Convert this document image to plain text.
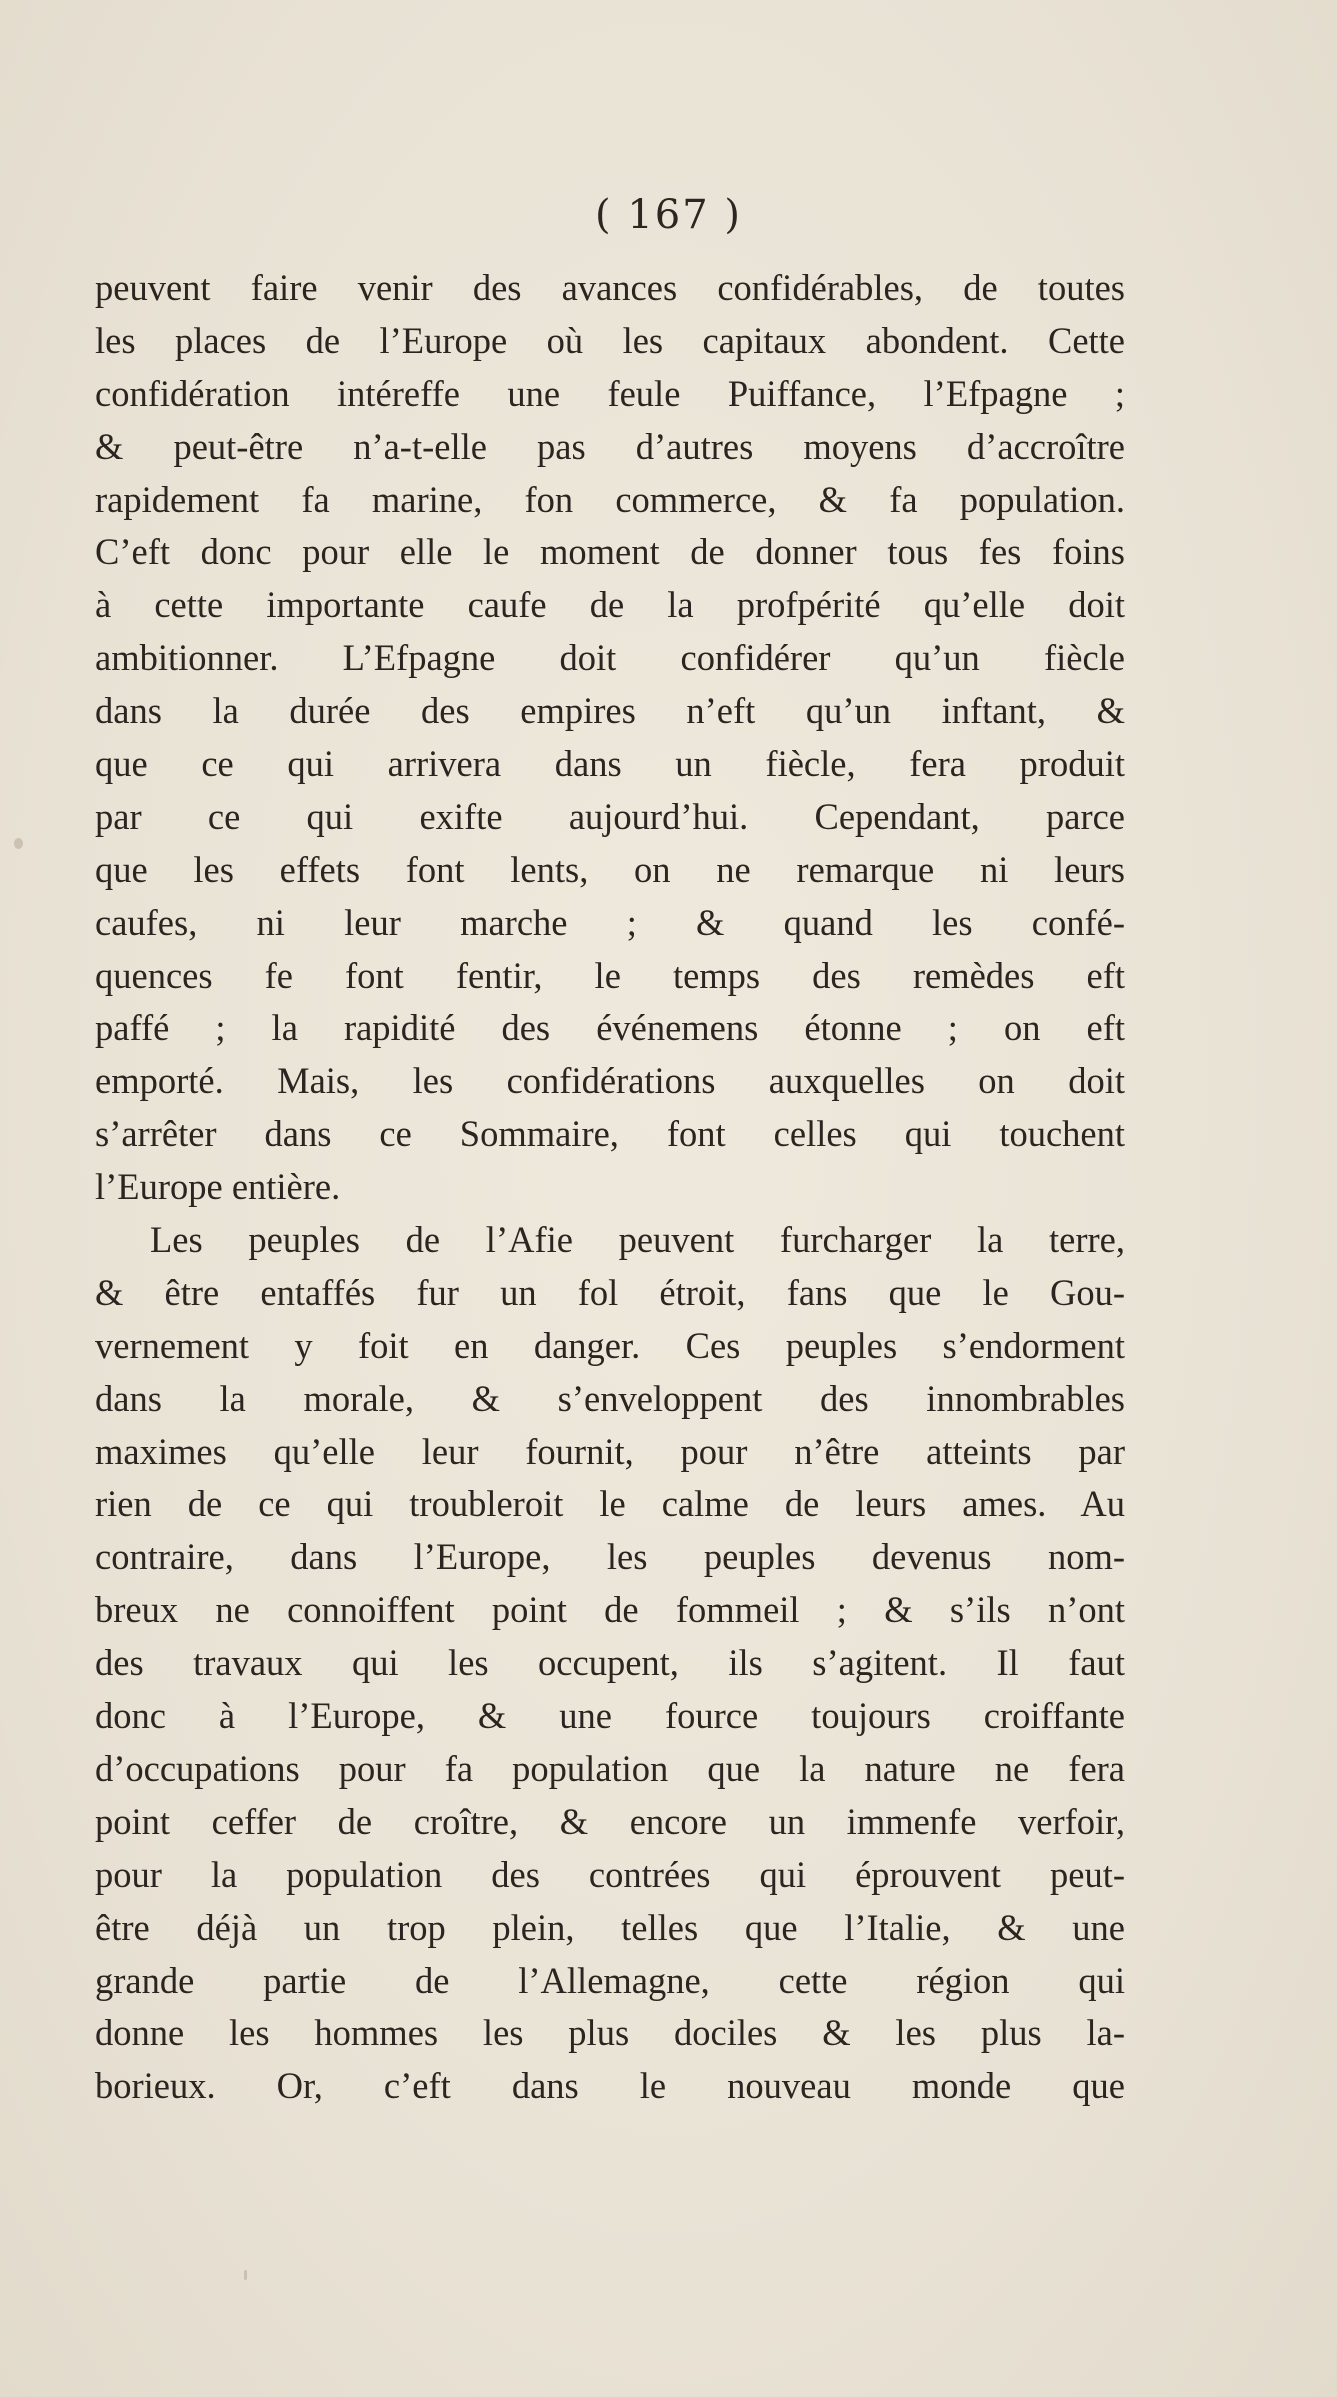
( 167 )
peuvent faire venir des avances confidérables, de toutes
les places de l’Europe où les capitaux abondent. Cette
confidération intéreffe une feule Puiffance, l’Efpagne ;
& peut-être n’a-t-elle pas d’autres moyens d’accroître
rapidement fa marine, fon commerce, & fa population.
C’eft donc pour elle le moment de donner tous fes foins
à cette importante caufe de la profpérité qu’elle doit
ambitionner. L’Efpagne doit confidérer qu’un fiècle
dans la durée des empires n’eft qu’un inftant, &
que ce qui arrivera dans un fiècle, fera produit
par ce qui exifte aujourd’hui. Cependant, parce
que les effets font lents, on ne remarque ni leurs
caufes, ni leur marche ; & quand les confé-
quences fe font fentir, le temps des remèdes eft
paffé ; la rapidité des événemens étonne ; on eft
emporté. Mais, les confidérations auxquelles on doit
s’arrêter dans ce Sommaire, font celles qui touchent
l’Europe entière.
Les peuples de l’Afie peuvent furcharger la terre,
& être entaffés fur un fol étroit, fans que le Gou-
vernement y foit en danger. Ces peuples s’endorment
dans la morale, & s’enveloppent des innombrables
maximes qu’elle leur fournit, pour n’être atteints par
rien de ce qui troubleroit le calme de leurs ames. Au
contraire, dans l’Europe, les peuples devenus nom-
breux ne connoiffent point de fommeil ; & s’ils n’ont
des travaux qui les occupent, ils s’agitent. Il faut
donc à l’Europe, & une fource toujours croiffante
d’occupations pour fa population que la nature ne fera
point ceffer de croître, & encore un immenfe verfoir,
pour la population des contrées qui éprouvent peut-
être déjà un trop plein, telles que l’Italie, & une
grande partie de l’Allemagne, cette région qui
donne les hommes les plus dociles & les plus la-
borieux. Or, c’eft dans le nouveau monde que
